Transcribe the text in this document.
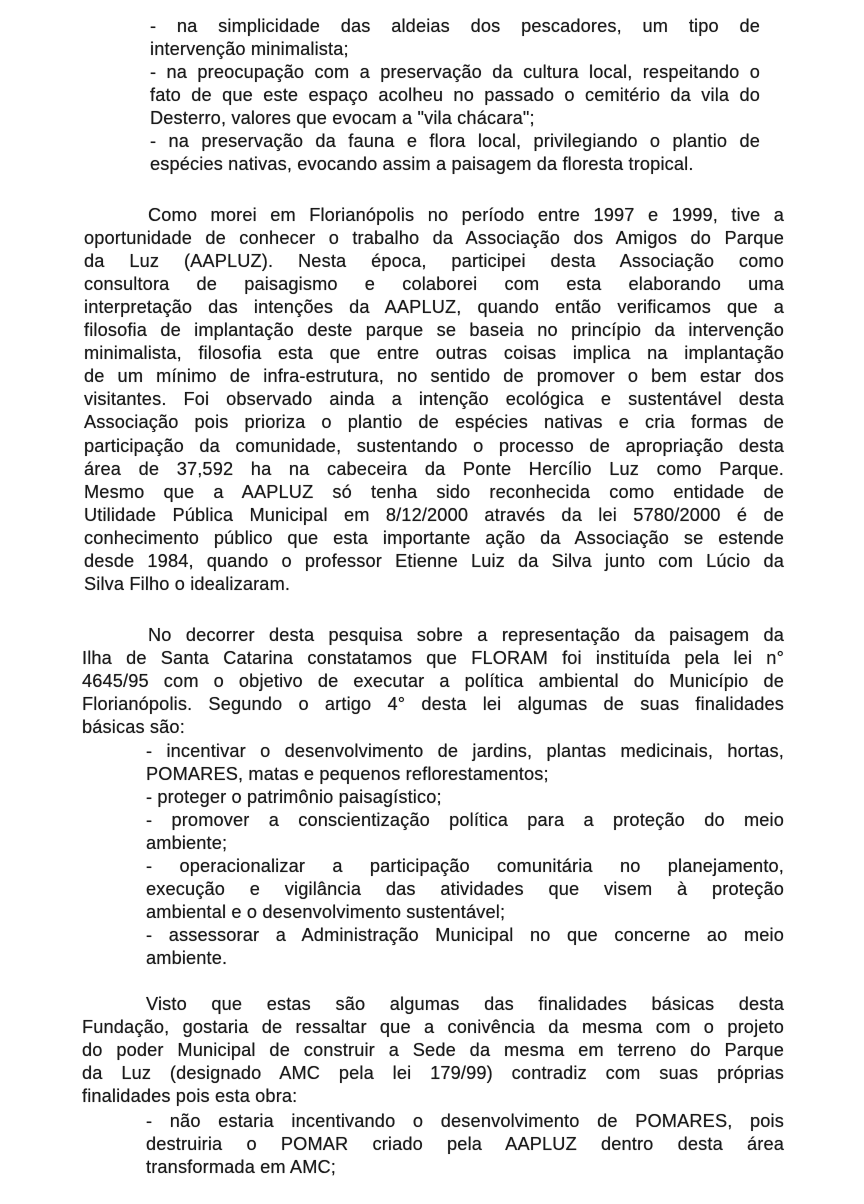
- na simplicidade das aldeias dos pescadores, um tipo de
intervenção minimalista;
- na preocupação com a preservação da cultura local, respeitando o
fato de que este espaço acolheu no passado o cemitério da vila do
Desterro, valores que evocam a "vila chácara";
- na preservação da fauna e flora local, privilegiando o plantio de
espécies nativas, evocando assim a paisagem da floresta tropical.
Como morei em Florianópolis no período entre 1997 e 1999, tive a
oportunidade de conhecer o trabalho da Associação dos Amigos do Parque
da Luz (AAPLUZ). Nesta época, participei desta Associação como
consultora de paisagismo e colaborei com esta elaborando uma
interpretação das intenções da AAPLUZ, quando então verificamos que a
filosofia de implantação deste parque se baseia no princípio da intervenção
minimalista, filosofia esta que entre outras coisas implica na implantação
de um mínimo de infra-estrutura, no sentido de promover o bem estar dos
visitantes. Foi observado ainda a intenção ecológica e sustentável desta
Associação pois prioriza o plantio de espécies nativas e cria formas de
participação da comunidade, sustentando o processo de apropriação desta
área de 37,592 ha na cabeceira da Ponte Hercílio Luz como Parque.
Mesmo que a AAPLUZ só tenha sido reconhecida como entidade de
Utilidade Pública Municipal em 8/12/2000 através da lei 5780/2000 é de
conhecimento público que esta importante ação da Associação se estende
desde 1984, quando o professor Etienne Luiz da Silva junto com Lúcio da
Silva Filho o idealizaram.
No decorrer desta pesquisa sobre a representação da paisagem da
Ilha de Santa Catarina constatamos que FLORAM foi instituída pela lei n°
4645/95 com o objetivo de executar a política ambiental do Município de
Florianópolis. Segundo o artigo 4° desta lei algumas de suas finalidades
básicas são:
- incentivar o desenvolvimento de jardins, plantas medicinais, hortas,
POMARES, matas e pequenos reflorestamentos;
- proteger o patrimônio paisagístico;
- promover a conscientização política para a proteção do meio
ambiente;
- operacionalizar a participação comunitária no planejamento,
execução e vigilância das atividades que visem à proteção
ambiental e o desenvolvimento sustentável;
- assessorar a Administração Municipal no que concerne ao meio
ambiente.
Visto que estas são algumas das finalidades básicas desta
Fundação, gostaria de ressaltar que a conivência da mesma com o projeto
do poder Municipal de construir a Sede da mesma em terreno do Parque
da Luz (designado AMC pela lei 179/99) contradiz com suas próprias
finalidades pois esta obra:
- não estaria incentivando o desenvolvimento de POMARES, pois
destruiria o POMAR criado pela AAPLUZ dentro desta área
transformada em AMC;
